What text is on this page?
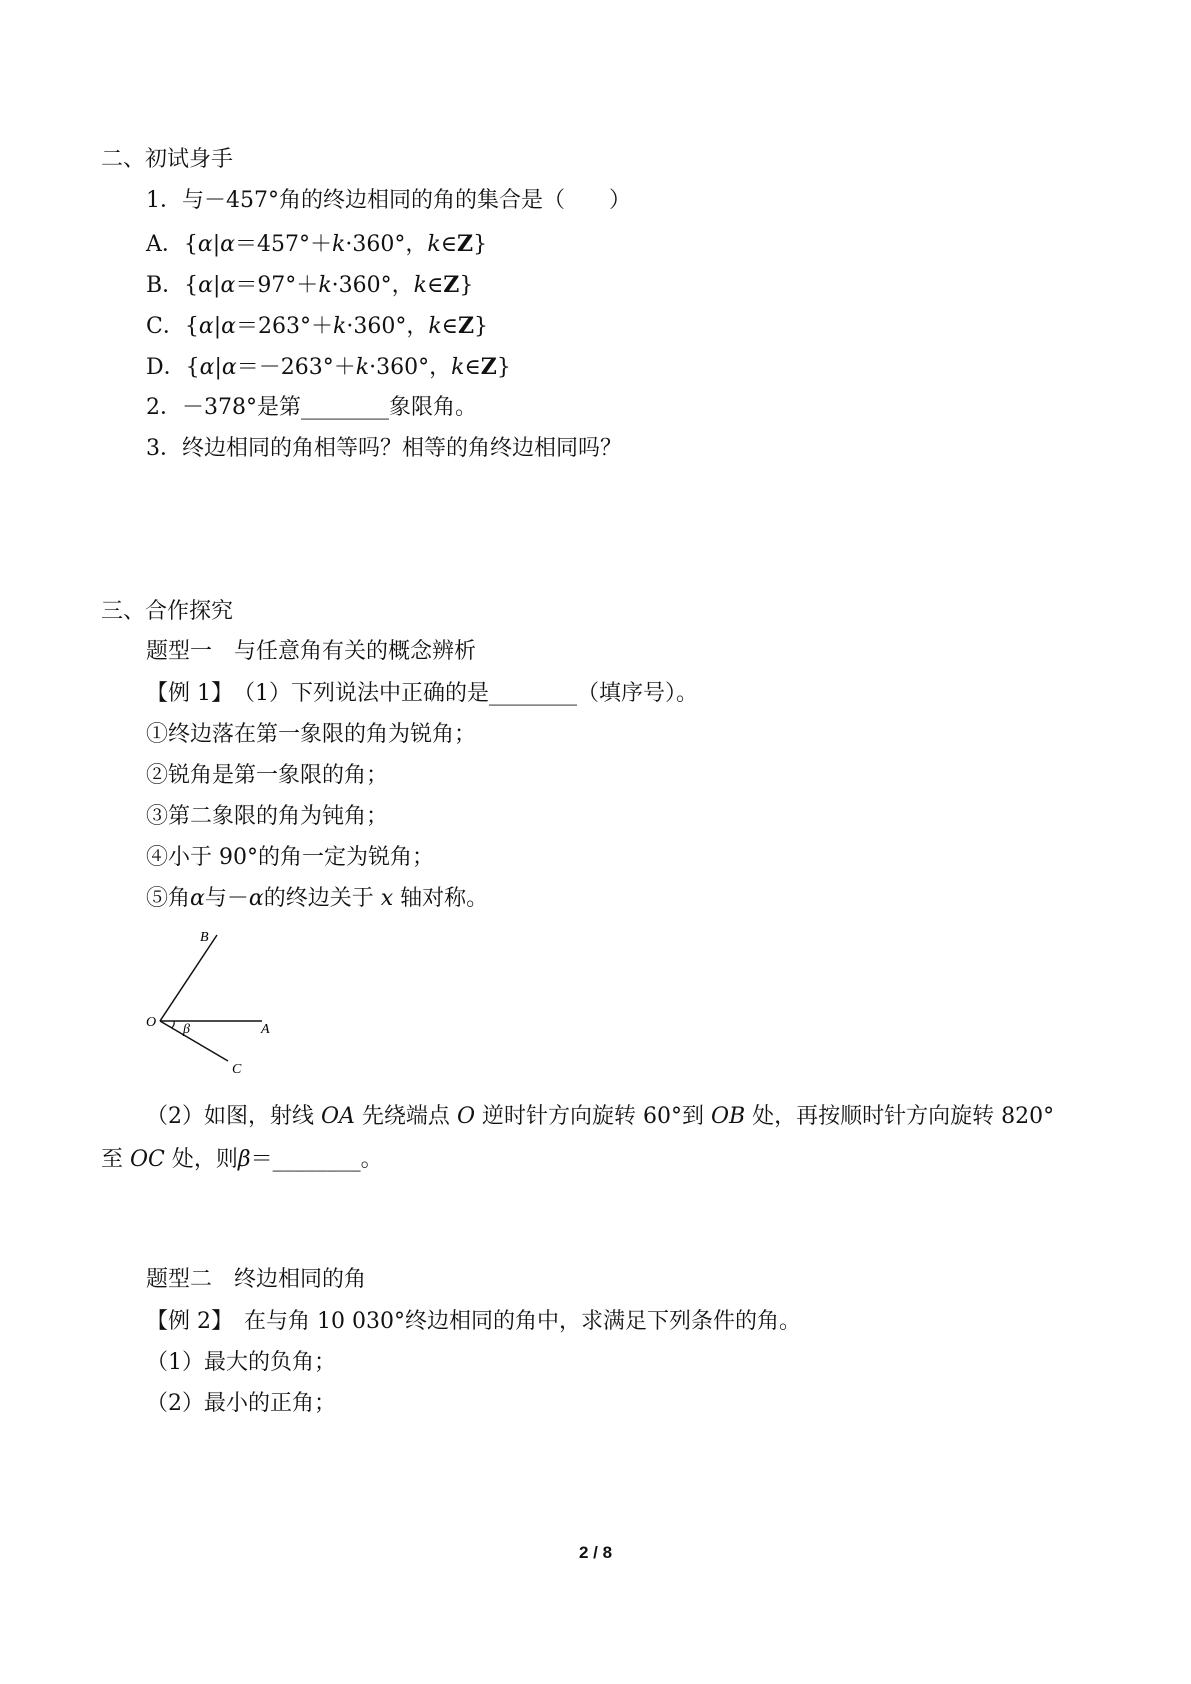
二、初试身手
1．与－457°角的终边相同的角的集合是（　　）
A．{α|α＝457°＋k·360°，k∈Z}
B．{α|α＝97°＋k·360°，k∈Z}
C．{α|α＝263°＋k·360°，k∈Z}
D．{α|α＝－263°＋k·360°，k∈Z}
2．－378°是第________象限角。
3．终边相同的角相等吗？相等的角终边相同吗？
三、合作探究
题型一　与任意角有关的概念辨析
【例 1】　（1）下列说法中正确的是________（填序号）。
①终边落在第一象限的角为锐角；
②锐角是第一象限的角；
③第二象限的角为钝角；
④小于 90°的角一定为锐角；
⑤角α与－α的终边关于 x 轴对称。
B
O β	A
C
（2）如图，射线 OA 先绕端点 O 逆时针方向旋转 60°到 OB 处，再按顺时针方向旋转 820°
至 OC 处，则β＝________。
题型二　终边相同的角
【例 2】　在与角 10 030°终边相同的角中，求满足下列条件的角。
（1）最大的负角；
（2）最小的正角；
2 / 8
